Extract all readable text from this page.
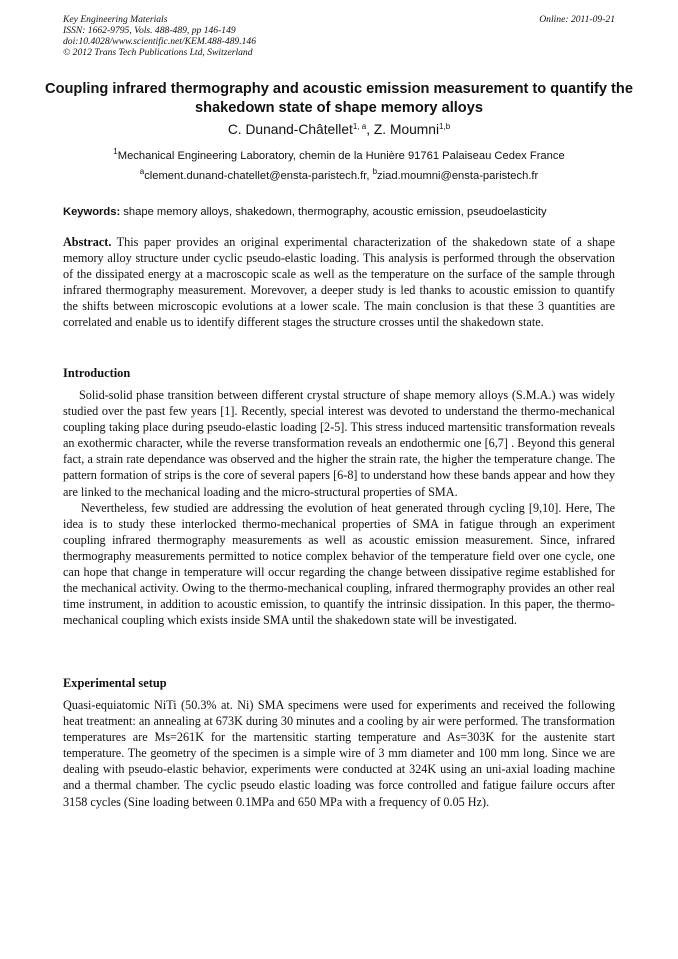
Key Engineering Materials
ISSN: 1662-9795, Vols. 488-489, pp 146-149
doi:10.4028/www.scientific.net/KEM.488-489.146
© 2012 Trans Tech Publications Ltd, Switzerland
Online: 2011-09-21
Coupling infrared thermography and acoustic emission measurement to quantify the shakedown state of shape memory alloys
C. Dunand-Châtellet$^{1, a}$, Z. Moumni$^{1,b}$
$^1$Mechanical Engineering Laboratory, chemin de la Hunière 91761 Palaiseau Cedex France
$^a$clement.dunand-chatellet@ensta-paristech.fr, $^b$ziad.moumni@ensta-paristech.fr
Keywords: shape memory alloys, shakedown, thermography, acoustic emission, pseudoelasticity
Abstract. This paper provides an original experimental characterization of the shakedown state of a shape memory alloy structure under cyclic pseudo-elastic loading. This analysis is performed through the observation of the dissipated energy at a macroscopic scale as well as the temperature on the surface of the sample through infrared thermography measurement. Morevover, a deeper study is led thanks to acoustic emission to quantify the shifts between microscopic evolutions at a lower scale. The main conclusion is that these 3 quantities are correlated and enable us to identify different stages the structure crosses until the shakedown state.
Introduction

Solid-solid phase transition between different crystal structure of shape memory alloys (S.M.A.) was widely studied over the past few years [1]. Recently, special interest was devoted to understand the thermo-mechanical coupling taking place during pseudo-elastic loading [2-5]. This stress induced martensitic transformation reveals an exothermic character, while the reverse transformation reveals an endothermic one [6,7] . Beyond this general fact, a strain rate dependance was observed and the higher the strain rate, the higher the temperature change. The pattern formation of strips is the core of several papers [6-8] to understand how these bands appear and how they are linked to the mechanical loading and the micro-structural properties of SMA.

Nevertheless, few studied are addressing the evolution of heat generated through cycling [9,10]. Here, The idea is to study these interlocked thermo-mechanical properties of SMA in fatigue through an experiment coupling infrared thermography measurements as well as acoustic emission measurement. Since, infrared thermography measurements permitted to notice complex behavior of the temperature field over one cycle, one can hope that change in temperature will occur regarding the change between dissipative regime established for the mechanical activity. Owing to the thermo-mechanical coupling, infrared thermography provides an other real time instrument, in addition to acoustic emission, to quantify the intrinsic dissipation. In this paper, the thermo-mechanical coupling which exists inside SMA until the shakedown state will be investigated.

Experimental setup

Quasi-equiatomic NiTi (50.3% at. Ni) SMA specimens were used for experiments and received the following heat treatment: an annealing at 673K during 30 minutes and a cooling by air were performed. The transformation temperatures are Ms=261K for the martensitic starting temperature and As=303K for the austenite start temperature. The geometry of the specimen is a simple wire of 3 mm diameter and 100 mm long. Since we are dealing with pseudo-elastic behavior, experiments were conducted at 324K using an uni-axial loading machine and a thermal chamber. The cyclic pseudo elastic loading was force controlled and fatigue failure occurs after 3158 cycles (Sine loading between 0.1MPa and 650 MPa with a frequency of 0.05 Hz).
